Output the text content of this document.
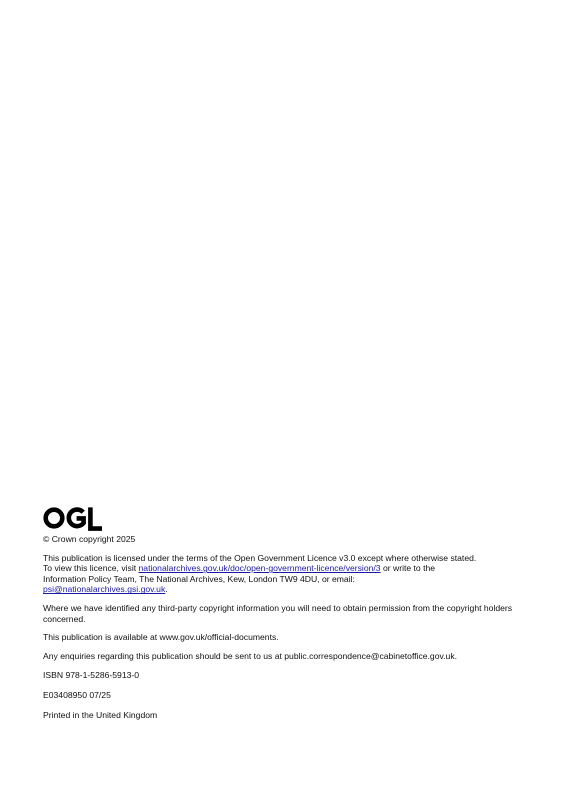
© Crown copyright 2025

This publication is licensed under the terms of the Open Government Licence v3.0 except where otherwise stated.
To view this licence, visit nationalarchives.gov.uk/doc/open-government-licence/version/3 or write to the
Information Policy Team, The National Archives, Kew, London TW9 4DU, or email:
psi@nationalarchives.gsi.gov.uk.

Where we have identified any third-party copyright information you will need to obtain permission from the copyright holders concerned.

This publication is available at www.gov.uk/official-documents.

Any enquiries regarding this publication should be sent to us at public.correspondence@cabinetoffice.gov.uk.

ISBN 978-1-5286-5913-0

E03408950 07/25

Printed in the United Kingdom
